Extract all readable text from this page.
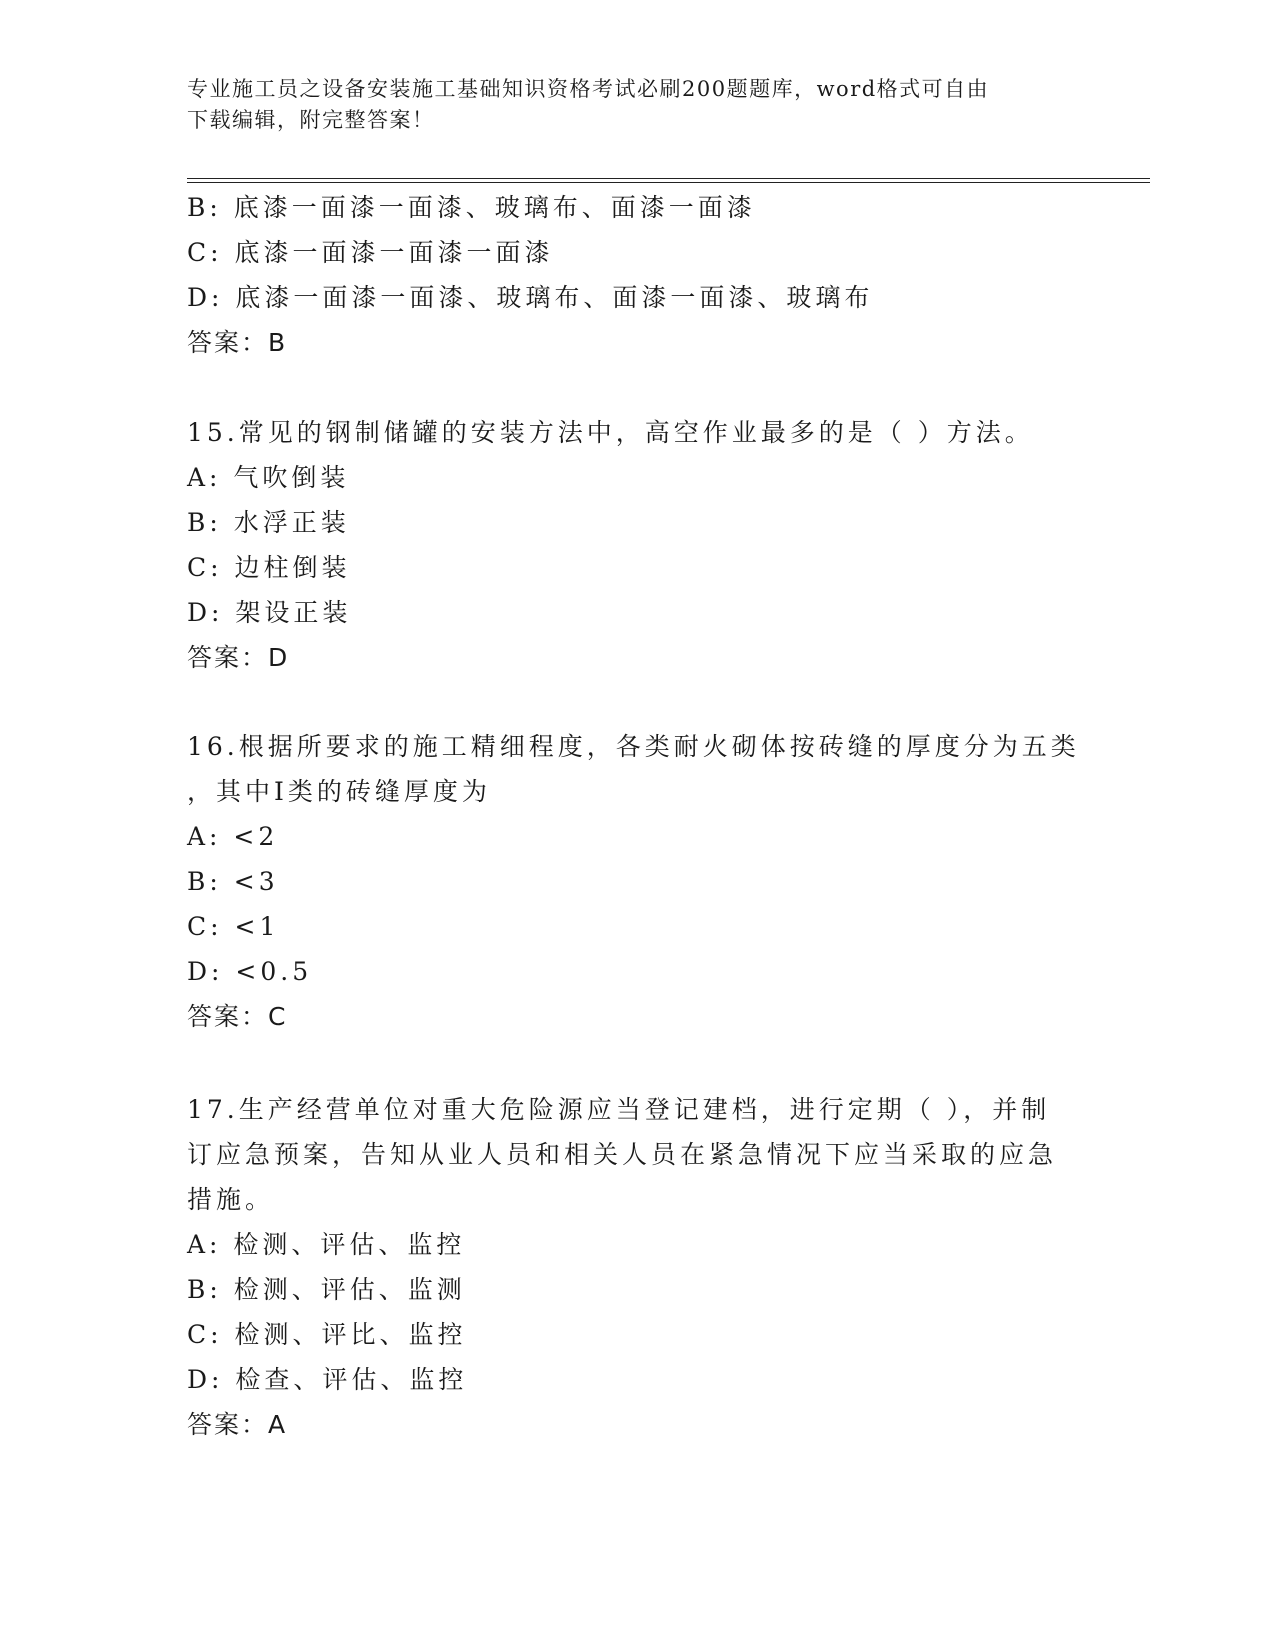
专业施工员之设备安装施工基础知识资格考试必刷200题题库，word格式可自由
下载编辑，附完整答案！
B: 底漆一面漆一面漆、玻璃布、面漆一面漆
C: 底漆一面漆一面漆一面漆
D: 底漆一面漆一面漆、玻璃布、面漆一面漆、玻璃布
答案：B
15.常见的钢制储罐的安装方法中，高空作业最多的是（ ）方法。
A: 气吹倒装
B: 水浮正装
C: 边柱倒装
D: 架设正装
答案：D
16.根据所要求的施工精细程度，各类耐火砌体按砖缝的厚度分为五类
，其中Ⅰ类的砖缝厚度为
A: <2
B: <3
C: <1
D: <0.5
答案：C
17.生产经营单位对重大危险源应当登记建档，进行定期（ ），并制
订应急预案，告知从业人员和相关人员在紧急情况下应当采取的应急
措施。
A: 检测、评估、监控
B: 检测、评估、监测
C: 检测、评比、监控
D: 检查、评估、监控
答案：A
